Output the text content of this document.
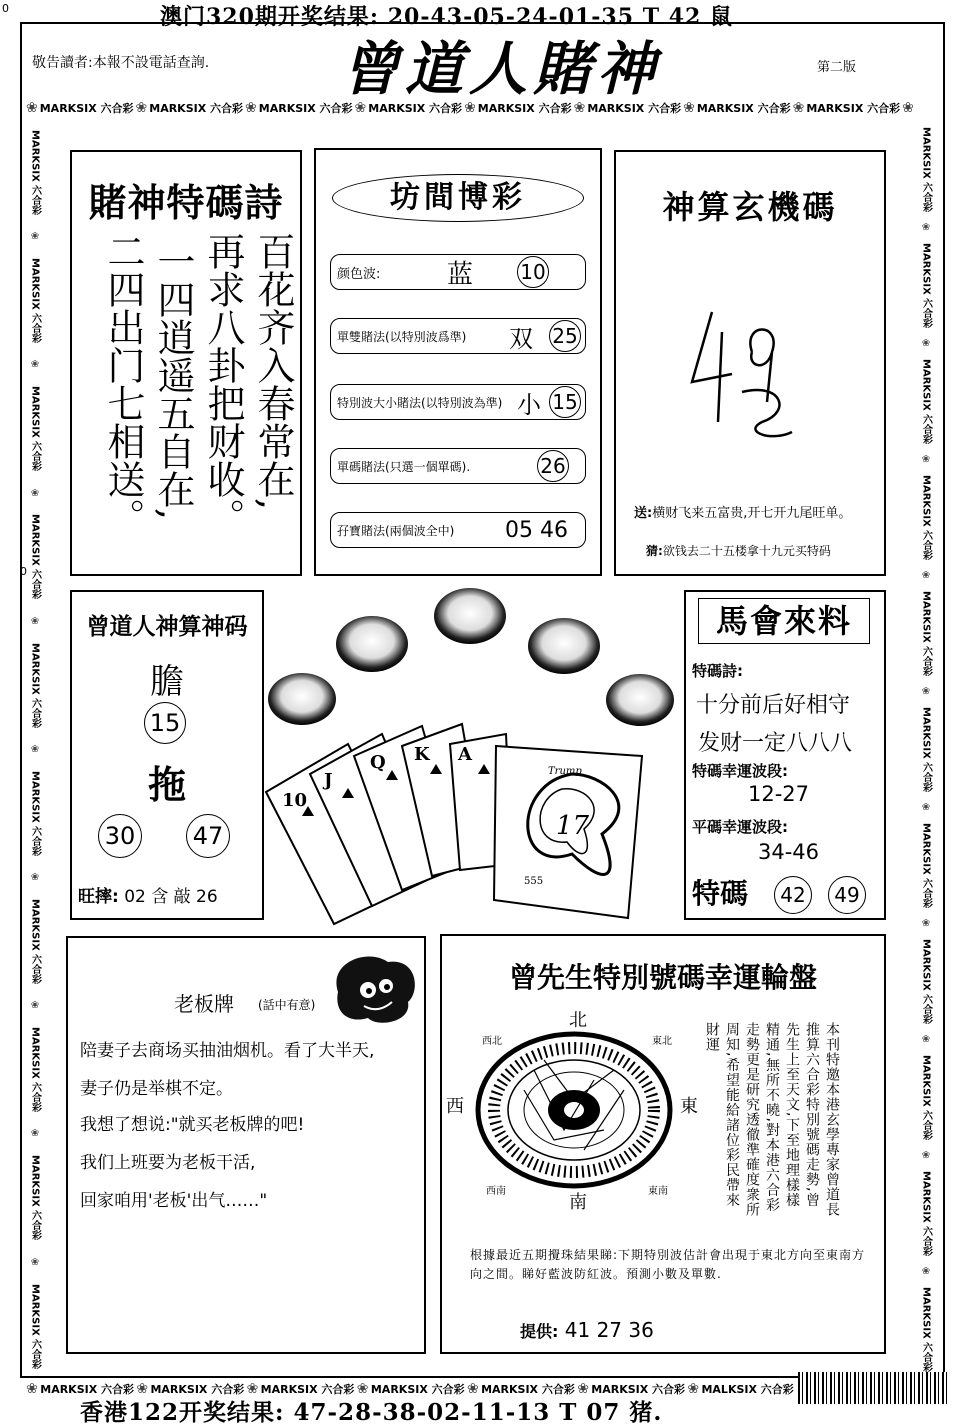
澳门320期开奖结果: 20-43-05-24-01-35 T 42 鼠
0
0
敬告讀者:本報不設電話查詢.	曾道人賭神	第二版
❀ MARKSIX 六合彩 ❀ MARKSIX 六合彩 ❀ MARKSIX 六合彩 ❀ MARKSIX 六合彩 ❀ MARKSIX 六合彩 ❀ MARKSIX 六合彩 ❀ MARKSIX 六合彩 ❀ MARKSIX 六合彩 ❀
❀ MARKSIX 六合彩 ❀ MARKSIX 六合彩 ❀ MARKSIX 六合彩 ❀ MARKSIX 六合彩 ❀ MARKSIX 六合彩 ❀ MARKSIX 六合彩 ❀ MALKSIX 六合彩
MARKSIX 六合彩
❀
MARKSIX 六合彩
❀
MARKSIX 六合彩
❀
MARKSIX 六合彩
❀
MARKSIX 六合彩
❀
MARKSIX 六合彩
❀
MARKSIX 六合彩
❀
MARKSIX 六合彩
❀
MARKSIX 六合彩
❀
MARKSIX 六合彩
MARKSIX 六合彩
❀
MARKSIX 六合彩
❀
MARKSIX 六合彩
❀
MARKSIX 六合彩
❀
MARKSIX 六合彩
❀
MARKSIX 六合彩
❀
MARKSIX 六合彩
❀
MARKSIX 六合彩
❀
MARKSIX 六合彩
❀
MARKSIX 六合彩
❀
MARKSIX 六合彩
賭神特碼詩
百花齐入春常在,
再求八卦把财收。
一四逍遥五自在,
二四出门七相送。
坊間博彩
颜色波:	蓝	10
單雙賭法(以特別波爲準)	双 25
特別波大小賭法(以特別波為準) 小 15
單碼賭法(只選一個單碼).	26
孖寶賭法(兩個波全中)	05 46
神算玄機碼
送:横财飞来五富贵,开七开九尾旺单。
猜:欲钱去二十五楼拿十九元买特码
曾道人神算神码
膽
15
拖
30 47
旺摔: 02 含 敲 26
10
J
Q K A
17
Trump
555
馬會來料
特碼詩:
十分前后好相守
发财一定八八八
特碼幸運波段:
12-27
平碼幸運波段:
34-46
特碼	42	49
老板牌 (話中有意)
陪妻子去商场买抽油烟机。看了大半天,
妻子仍是举棋不定。
我想了想说:"就买老板牌的吧!
我们上班要为老板干活,
回家咱用'老板'出气……"
曾先生特別號碼幸運輪盤
北
南
西	東
西北	東北
西南	東南	本刊特邀本港玄學專家曾道長推算六合彩特別號碼走勢,曾先生上至天文,下至地理樣樣精通,無所不曉,對本港六合彩走勢更是研究透徹準確度衆所周知,希望能給諸位彩民帶來財運
根據最近五期攪珠結果睇:下期特別波估計會出現于東北方向至東南方向之間。睇好藍波防紅波。預測小數及單數.
提供: 41 27 36
香港122开奖结果: 47-28-38-02-11-13 T 07 猪.
